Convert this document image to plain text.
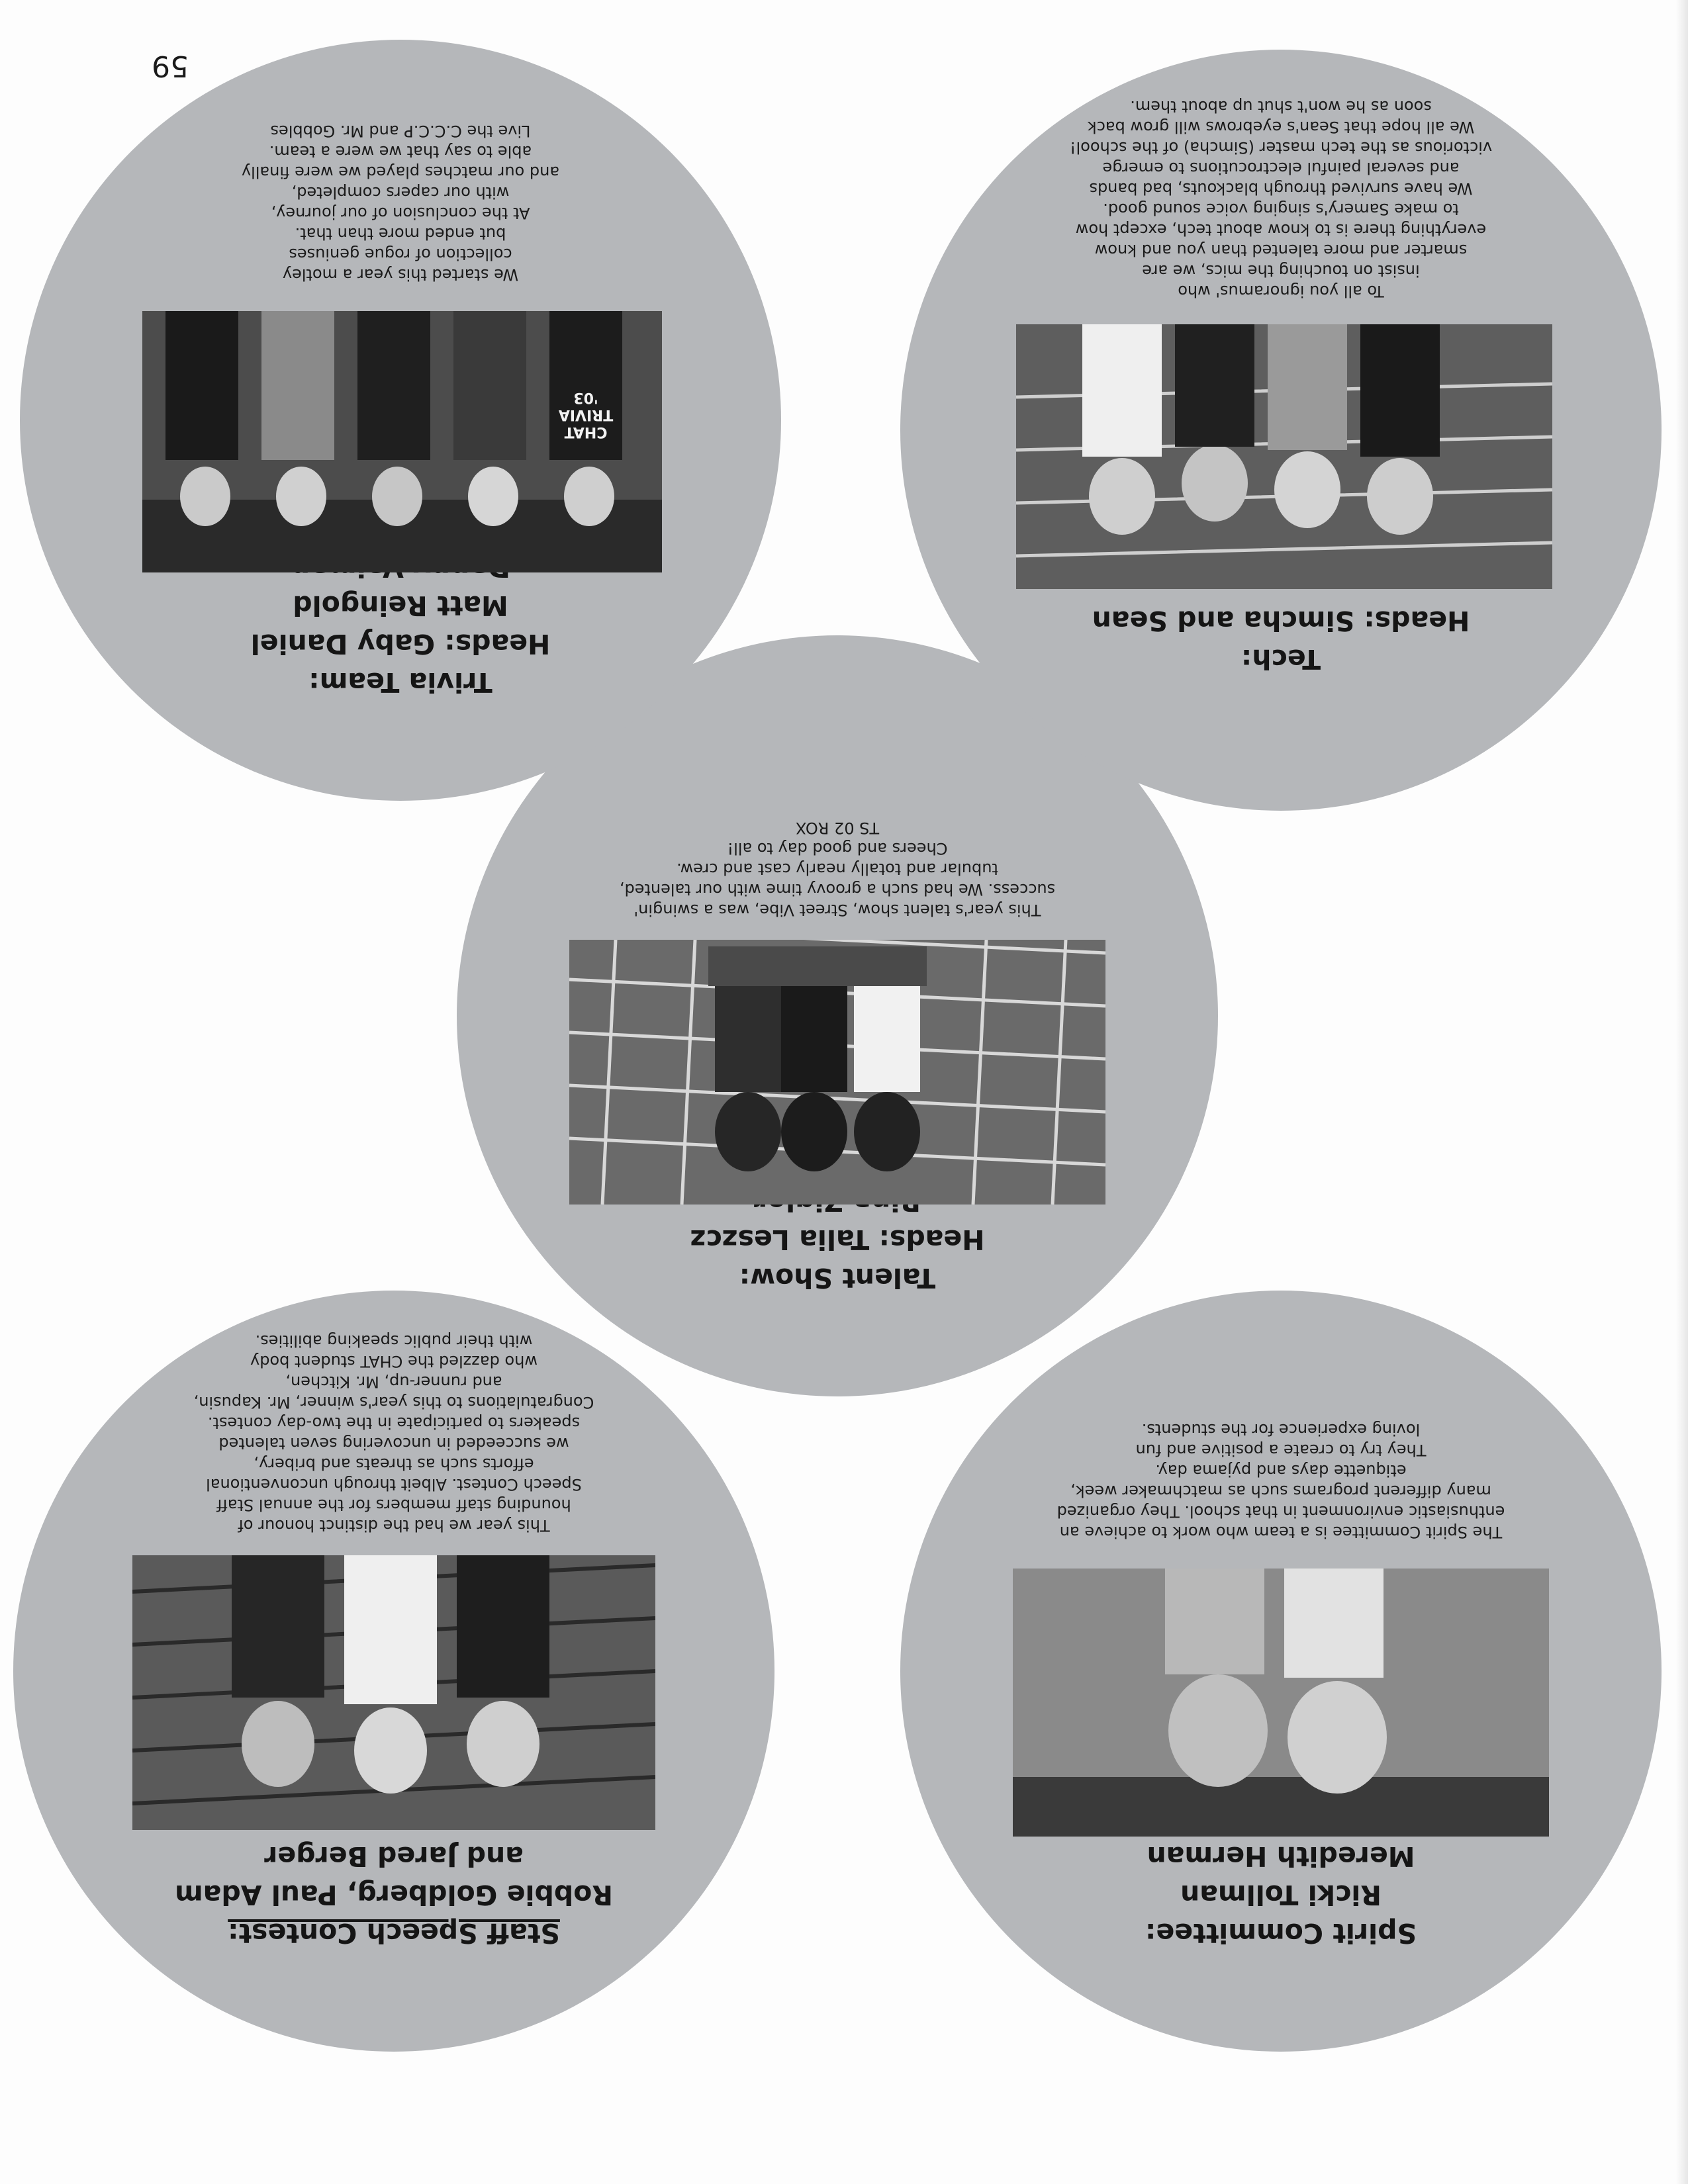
Staff Speech Contest:
Robbie Goldberg, Paul Adam
and Jared Berger
This year we had the distinct honour of
hounding staff members for the annual Staff
Speech Contest. Albeit through unconventional
efforts such as threats and bribery,
we succeeded in uncovering seven talented
speakers to participate in the two-day contest.
Congratulations to this year's winner, Mr. Kapusin,
and runner-up, Mr. Kitchen,
who dazzled the CHAT student body
with their public speaking abilities.
Spirit Committee:
Ricki Tollman
Meredith Herman
The Spirit Committee is a team who work to achieve an
enthusiastic environment in that school. They organized
many different programs such as matchmaker week,
etiquette days and pyjama day.
They try to create a positive and fun
loving experience for the students.
Talent Show:
Heads: Talia Leszcz
This year's talent show, Street Vibe, was a swingin'
success. We had such a groovy time with our talented,
tubular and totally nearly cast and crew.
Cheers and good day to all!
TS 02 ROX
Trivia Team:
Heads: Gaby Daniel
Matt Reingold
CHAT
TRIVIA
'03
We started this year a motley
collection of rogue geniuses
but ended more than that.
At the conclusion of our journey,
with our capers completed,
and our matches played we were finally
able to say that we were a team.
Live the C.C.C.P and Mr. Gobbles
Tech:
Heads: Simcha and Sean
To all you ignoramus' who
insist on touching the mics, we are
smarter and more talented than you and know
everything there is to know about tech, except how
to make Samery's singing voice sound good.
We have survived through blackouts, bad bands
and several painful electrocutions to emerge
victorious as the tech master (Simcha) of the school!
We all hope that Sean's eyebrows will grow back
soon as he won't shut up about them.
59
